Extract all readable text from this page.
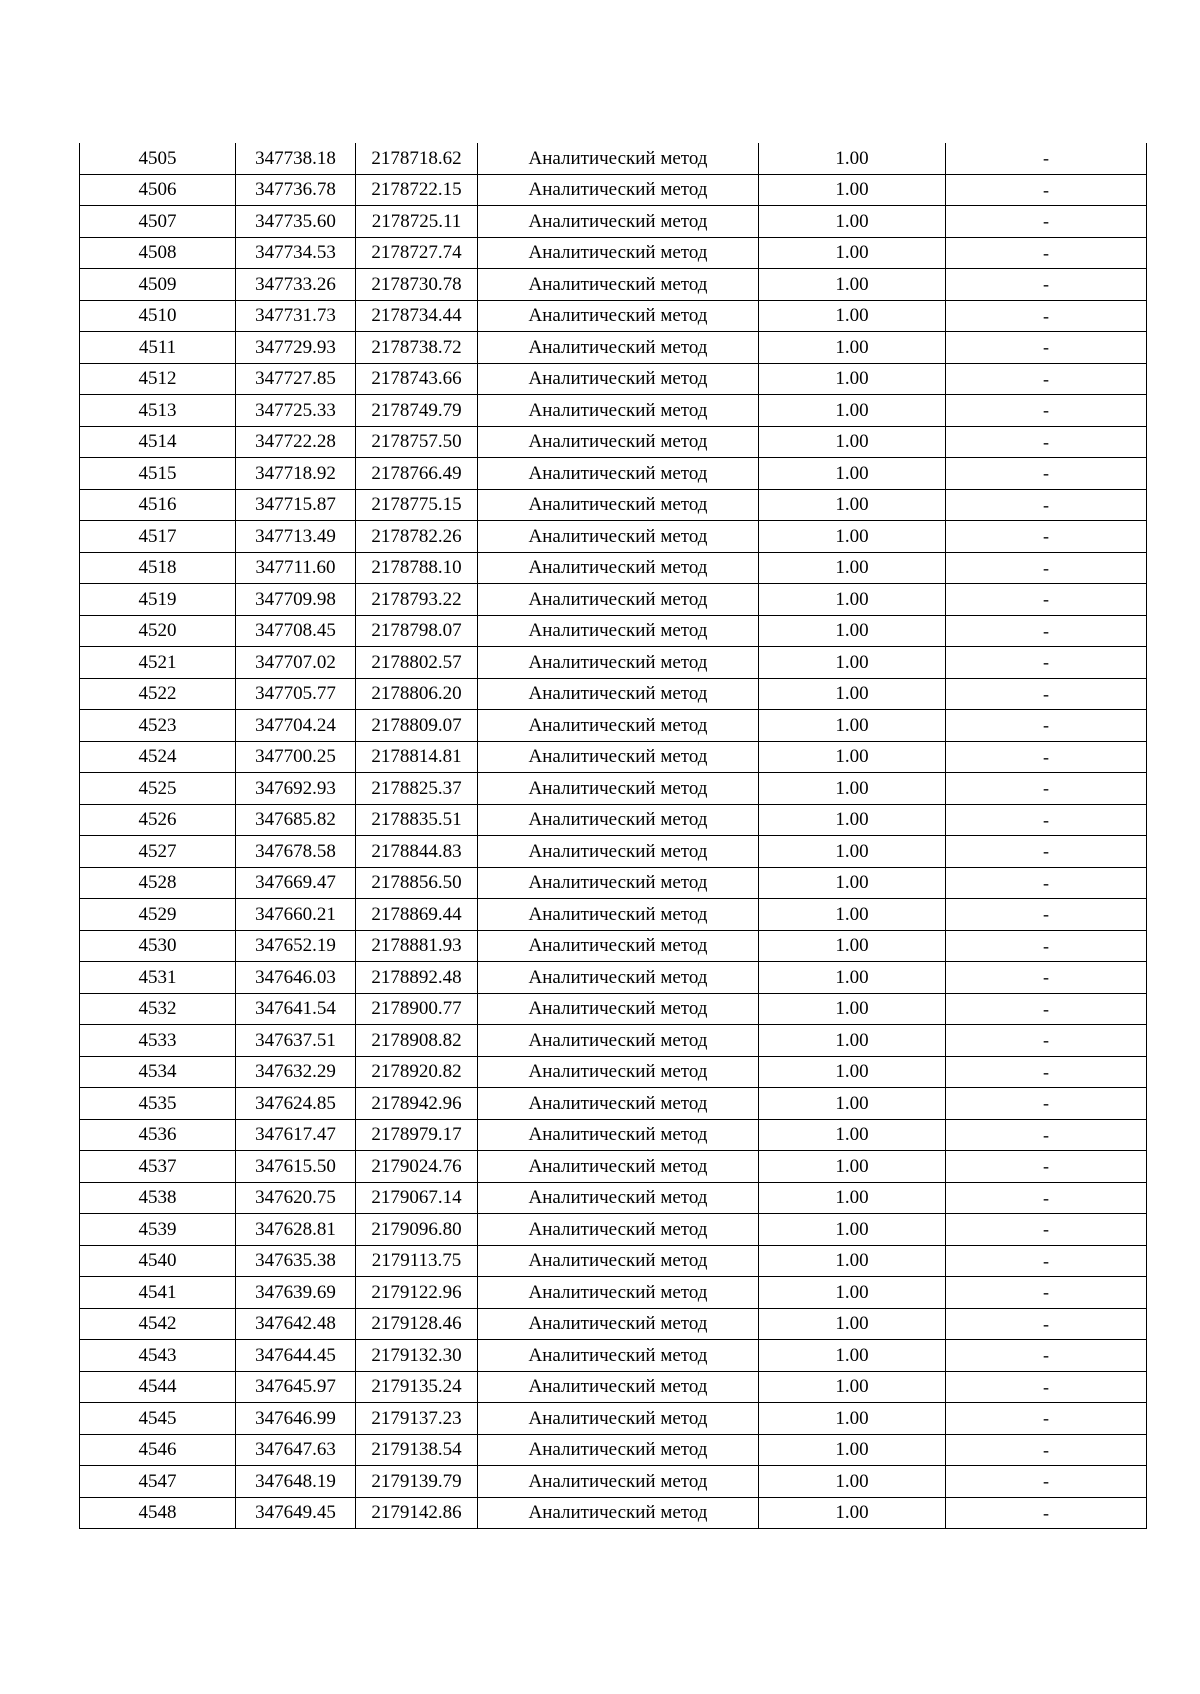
4505	347738.18	2178718.62	Аналитический метод	1.00	-
4506	347736.78	2178722.15	Аналитический метод	1.00	-
4507	347735.60	2178725.11	Аналитический метод	1.00	-
4508	347734.53	2178727.74	Аналитический метод	1.00	-
4509	347733.26	2178730.78	Аналитический метод	1.00	-
4510	347731.73	2178734.44	Аналитический метод	1.00	-
4511	347729.93	2178738.72	Аналитический метод	1.00	-
4512	347727.85	2178743.66	Аналитический метод	1.00	-
4513	347725.33	2178749.79	Аналитический метод	1.00	-
4514	347722.28	2178757.50	Аналитический метод	1.00	-
4515	347718.92	2178766.49	Аналитический метод	1.00	-
4516	347715.87	2178775.15	Аналитический метод	1.00	-
4517	347713.49	2178782.26	Аналитический метод	1.00	-
4518	347711.60	2178788.10	Аналитический метод	1.00	-
4519	347709.98	2178793.22	Аналитический метод	1.00	-
4520	347708.45	2178798.07	Аналитический метод	1.00	-
4521	347707.02	2178802.57	Аналитический метод	1.00	-
4522	347705.77	2178806.20	Аналитический метод	1.00	-
4523	347704.24	2178809.07	Аналитический метод	1.00	-
4524	347700.25	2178814.81	Аналитический метод	1.00	-
4525	347692.93	2178825.37	Аналитический метод	1.00	-
4526	347685.82	2178835.51	Аналитический метод	1.00	-
4527	347678.58	2178844.83	Аналитический метод	1.00	-
4528	347669.47	2178856.50	Аналитический метод	1.00	-
4529	347660.21	2178869.44	Аналитический метод	1.00	-
4530	347652.19	2178881.93	Аналитический метод	1.00	-
4531	347646.03	2178892.48	Аналитический метод	1.00	-
4532	347641.54	2178900.77	Аналитический метод	1.00	-
4533	347637.51	2178908.82	Аналитический метод	1.00	-
4534	347632.29	2178920.82	Аналитический метод	1.00	-
4535	347624.85	2178942.96	Аналитический метод	1.00	-
4536	347617.47	2178979.17	Аналитический метод	1.00	-
4537	347615.50	2179024.76	Аналитический метод	1.00	-
4538	347620.75	2179067.14	Аналитический метод	1.00	-
4539	347628.81	2179096.80	Аналитический метод	1.00	-
4540	347635.38	2179113.75	Аналитический метод	1.00	-
4541	347639.69	2179122.96	Аналитический метод	1.00	-
4542	347642.48	2179128.46	Аналитический метод	1.00	-
4543	347644.45	2179132.30	Аналитический метод	1.00	-
4544	347645.97	2179135.24	Аналитический метод	1.00	-
4545	347646.99	2179137.23	Аналитический метод	1.00	-
4546	347647.63	2179138.54	Аналитический метод	1.00	-
4547	347648.19	2179139.79	Аналитический метод	1.00	-
4548	347649.45	2179142.86	Аналитический метод	1.00	-
